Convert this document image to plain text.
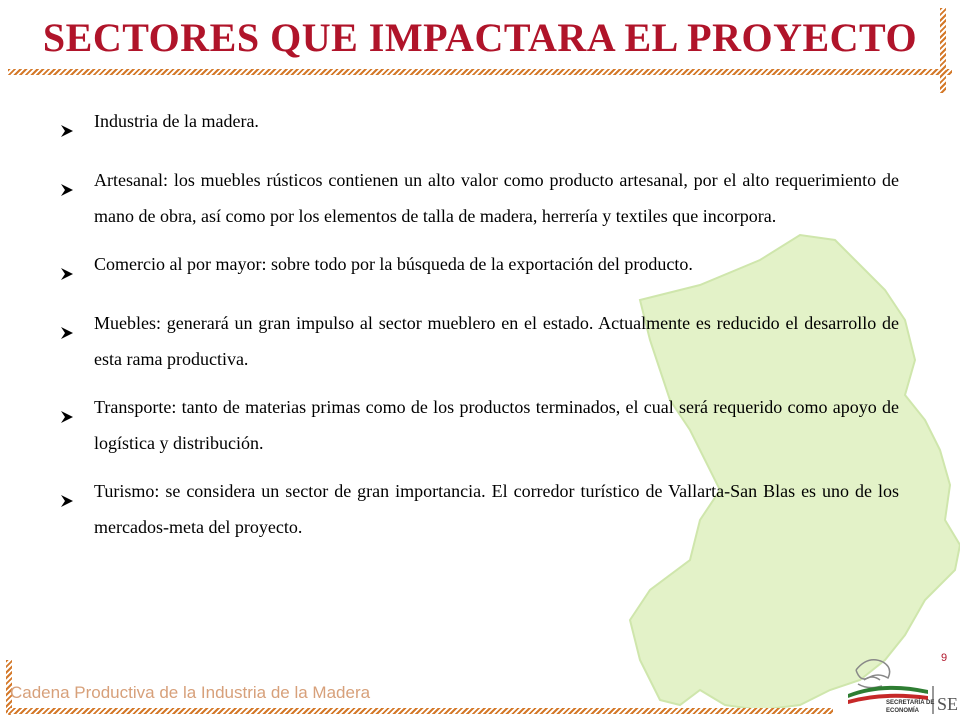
SECTORES QUE IMPACTARA EL PROYECTO
Industria de la madera.
Artesanal: los muebles rústicos contienen un alto valor como producto artesanal, por el alto requerimiento de mano de obra, así como por los elementos de talla de madera, herrería y textiles que incorpora.
Comercio al por mayor: sobre todo por la búsqueda de la exportación del producto.
Muebles: generará un gran impulso al sector mueblero en el estado. Actualmente es reducido el desarrollo de esta rama productiva.
Transporte: tanto de materias primas como de los productos terminados, el cual será requerido como apoyo de logística y distribución.
Turismo: se considera un sector de gran importancia. El corredor turístico de Vallarta-San Blas es uno de los mercados-meta del proyecto.
9
Cadena Productiva de la Industria de la Madera
SE
SECRETARÍA DE
ECONOMÍA
